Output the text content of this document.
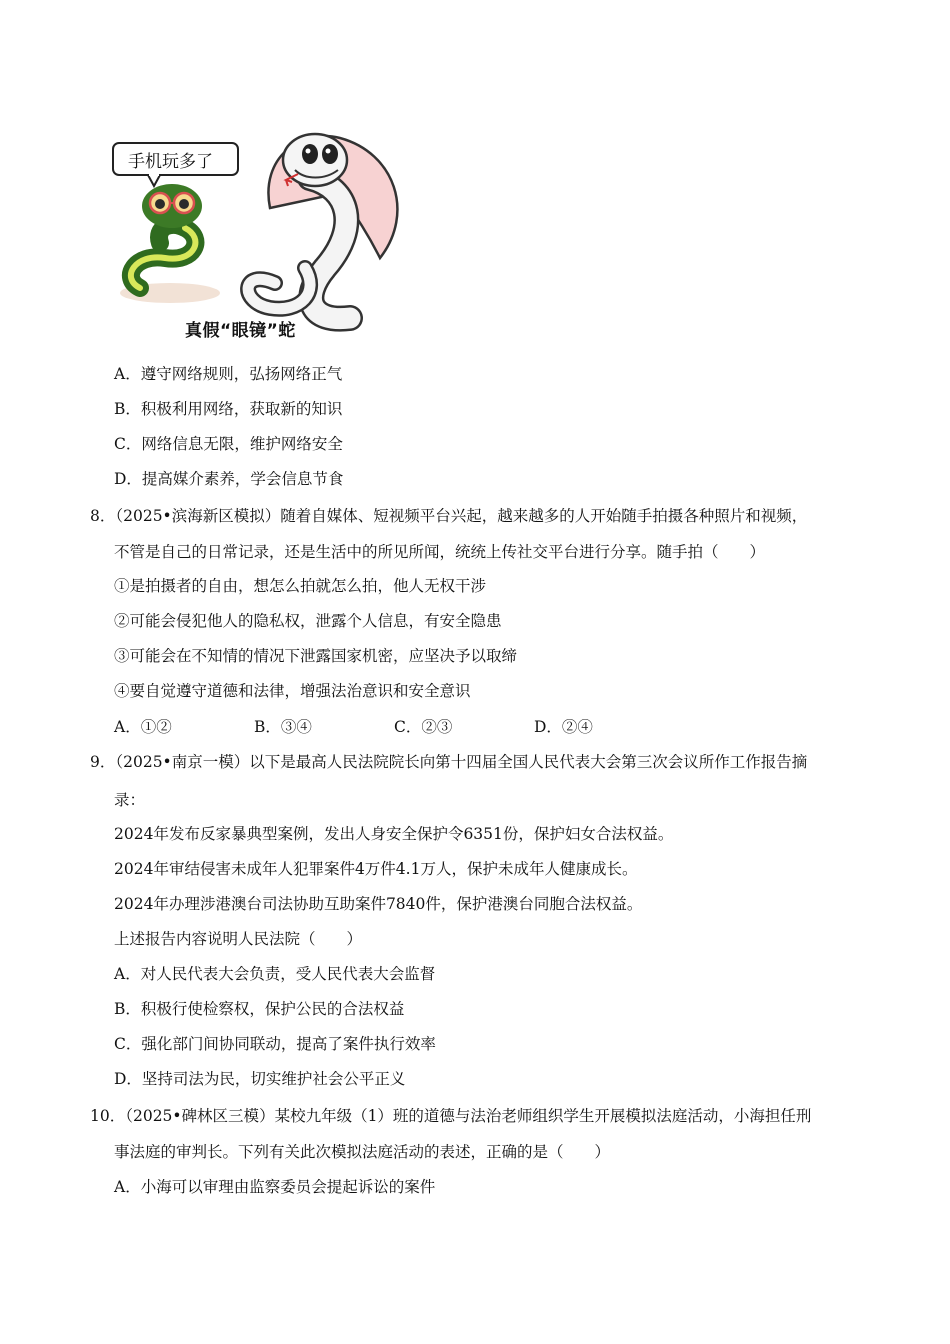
手机玩多了
真假“眼镜”蛇
A．遵守网络规则，弘扬网络正气
B．积极利用网络，获取新的知识
C．网络信息无限，维护网络安全
D．提高媒介素养，学会信息节食
8．（2025•滨海新区模拟）随着自媒体、短视频平台兴起，越来越多的人开始随手拍摄各种照片和视频，
不管是自己的日常记录，还是生活中的所见所闻，统统上传社交平台进行分享。随手拍（　　）
①是拍摄者的自由，想怎么拍就怎么拍，他人无权干涉
②可能会侵犯他人的隐私权，泄露个人信息，有安全隐患
③可能会在不知情的情况下泄露国家机密，应坚决予以取缔
④要自觉遵守道德和法律，增强法治意识和安全意识
A．①②	B．③④	C．②③	D．②④
9．（2025•南京一模）以下是最高人民法院院长向第十四届全国人民代表大会第三次会议所作工作报告摘
录：
2024年发布反家暴典型案例，发出人身安全保护令6351份，保护妇女合法权益。
2024年审结侵害未成年人犯罪案件4万件4.1万人，保护未成年人健康成长。
2024年办理涉港澳台司法协助互助案件7840件，保护港澳台同胞合法权益。
上述报告内容说明人民法院（　　）
A．对人民代表大会负责，受人民代表大会监督
B．积极行使检察权，保护公民的合法权益
C．强化部门间协同联动，提高了案件执行效率
D．坚持司法为民，切实维护社会公平正义
10．（2025•碑林区三模）某校九年级（1）班的道德与法治老师组织学生开展模拟法庭活动，小海担任刑
事法庭的审判长。下列有关此次模拟法庭活动的表述，正确的是（　　）
A．小海可以审理由监察委员会提起诉讼的案件
